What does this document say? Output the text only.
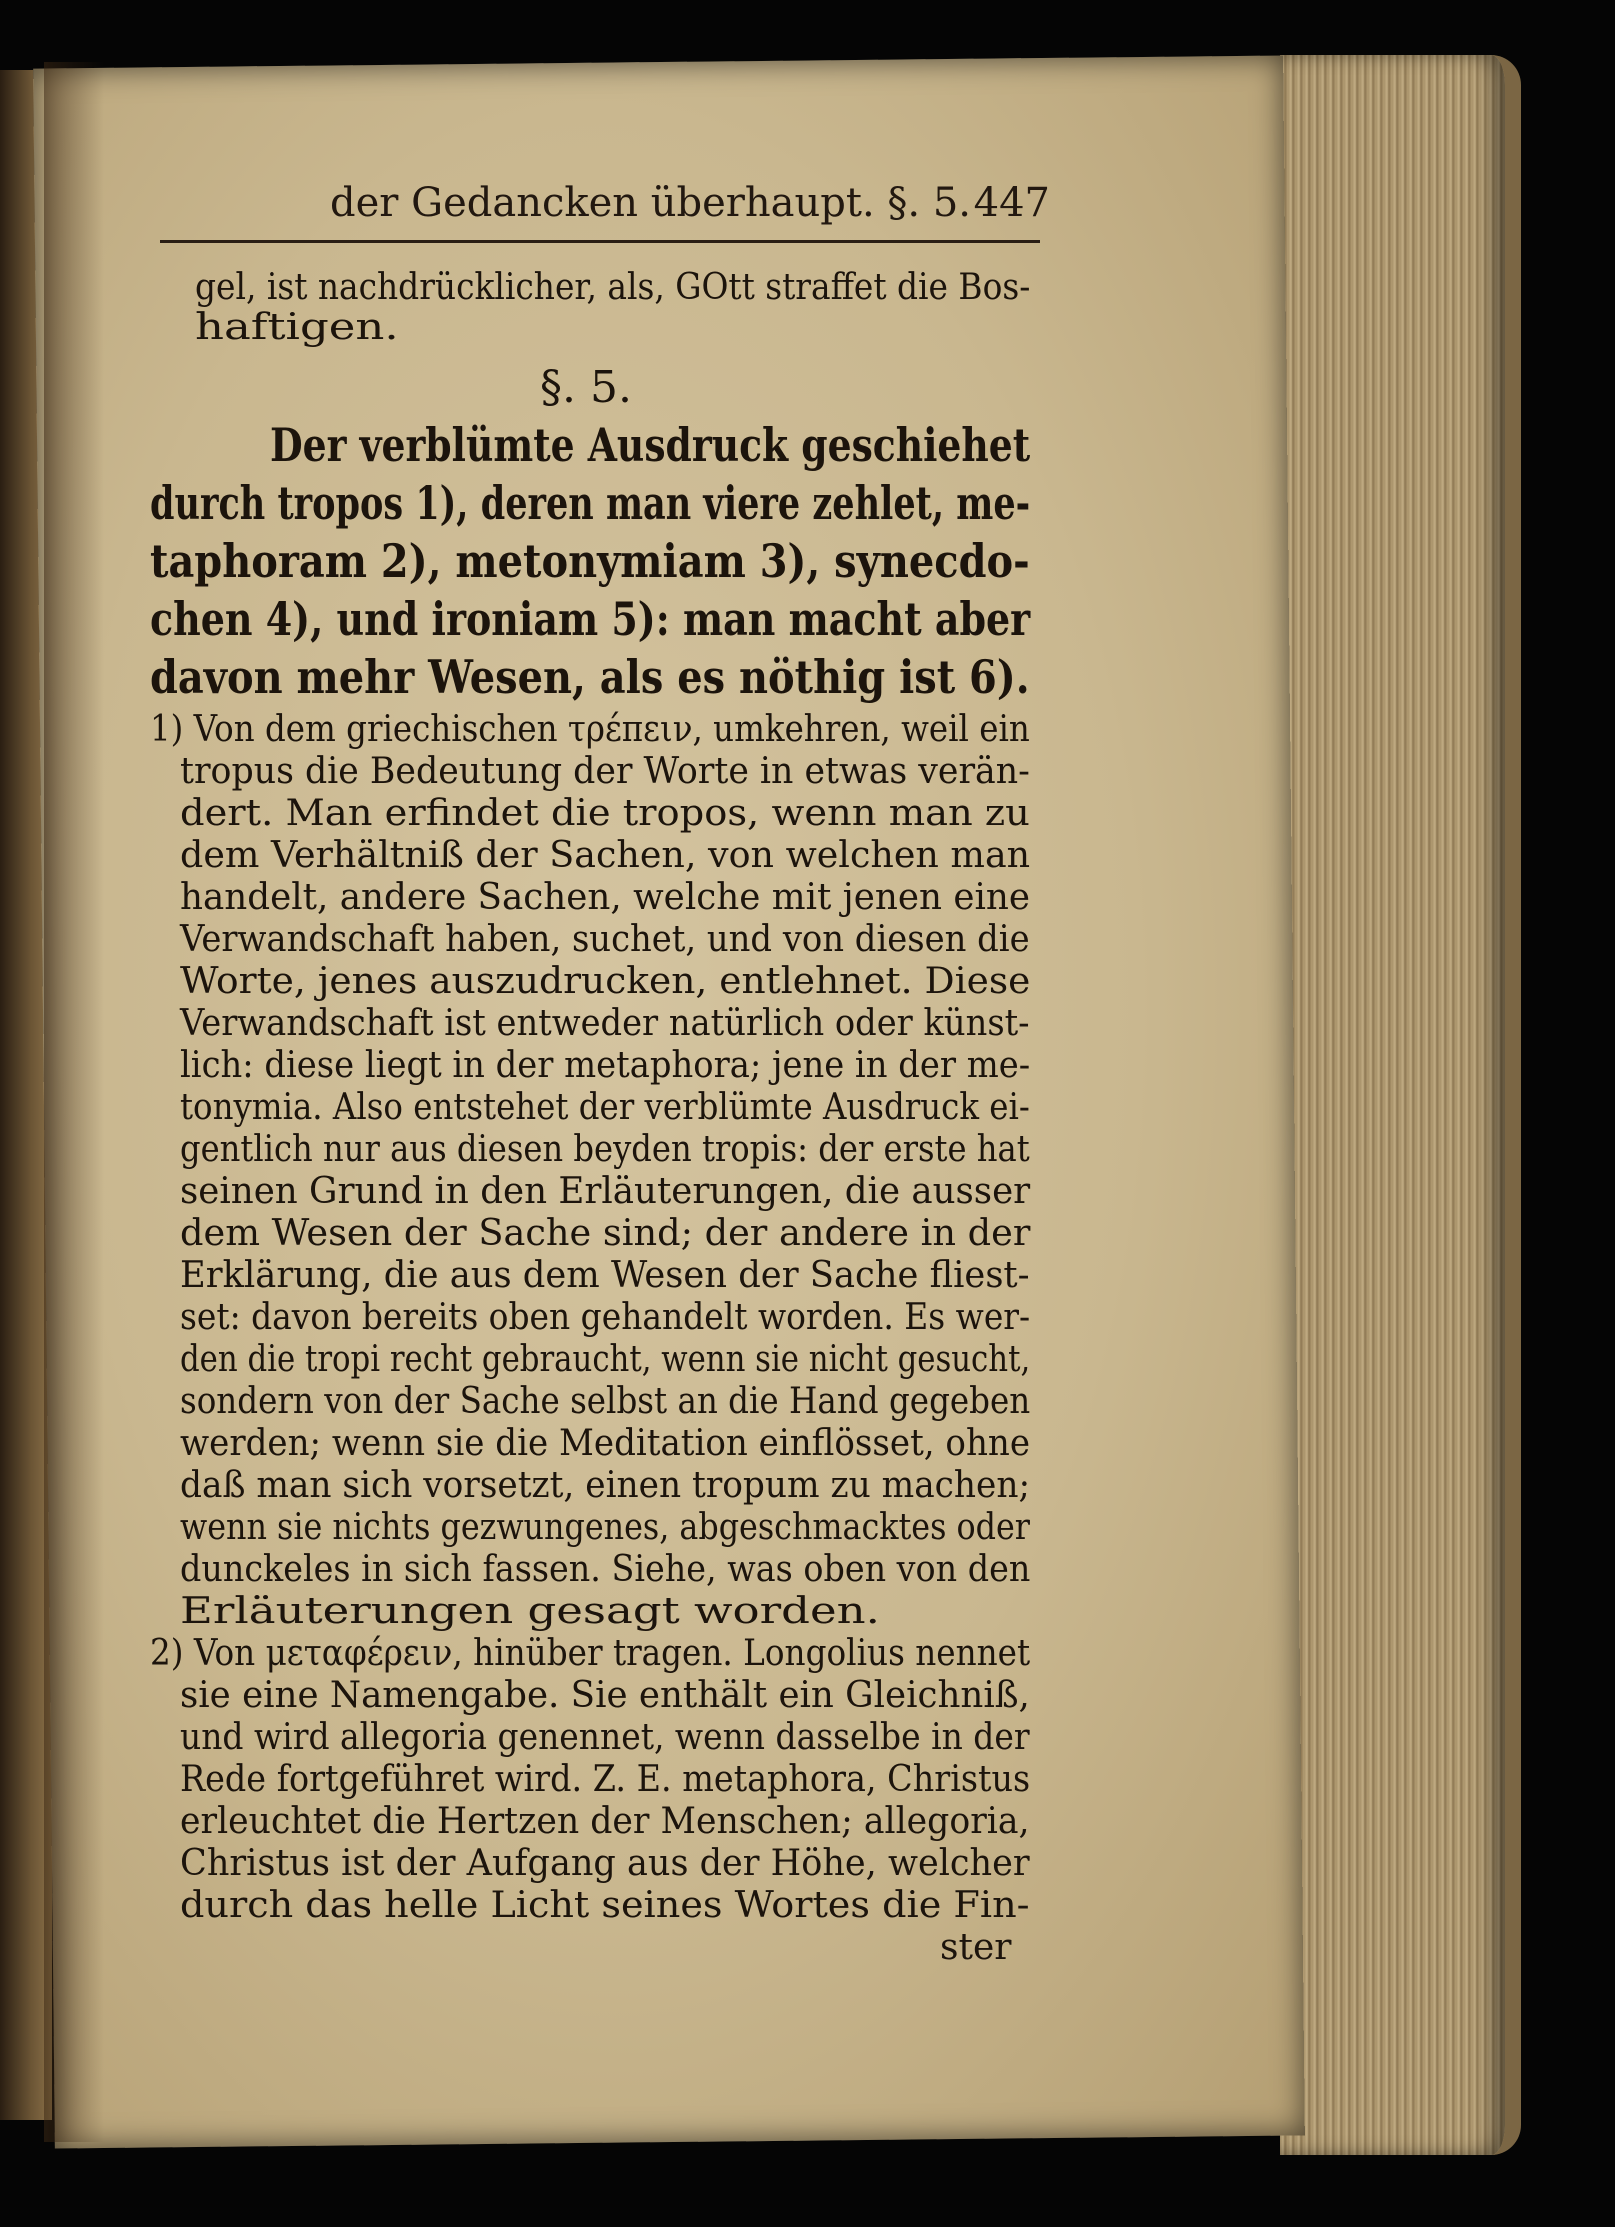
der Gedancken überhaupt. §. 5. 447
gel, ist nachdrücklicher, als, GOtt straffet die Bos-
haftigen.
§. 5.
Der verblümte Ausdruck geschiehet
durch tropos 1), deren man viere zehlet, me-
taphoram 2), metonymiam 3), synecdo-
chen 4), und ironiam 5): man macht aber
davon mehr Wesen, als es nöthig ist 6).
1) Von dem griechischen τρέπειν, umkehren, weil ein
tropus die Bedeutung der Worte in etwas verän-
dert. Man erfindet die tropos, wenn man zu
dem Verhältniß der Sachen, von welchen man
handelt, andere Sachen, welche mit jenen eine
Verwandschaft haben, suchet, und von diesen die
Worte, jenes auszudrucken, entlehnet. Diese
Verwandschaft ist entweder natürlich oder künst-
lich: diese liegt in der metaphora; jene in der me-
tonymia. Also entstehet der verblümte Ausdruck ei-
gentlich nur aus diesen beyden tropis: der erste hat
seinen Grund in den Erläuterungen, die ausser
dem Wesen der Sache sind; der andere in der
Erklärung, die aus dem Wesen der Sache fliest-
set: davon bereits oben gehandelt worden. Es wer-
den die tropi recht gebraucht, wenn sie nicht gesucht,
sondern von der Sache selbst an die Hand gegeben
werden; wenn sie die Meditation einflösset, ohne
daß man sich vorsetzt, einen tropum zu machen;
wenn sie nichts gezwungenes, abgeschmacktes oder
dunckeles in sich fassen. Siehe, was oben von den
Erläuterungen gesagt worden.
2) Von μεταφέρειν, hinüber tragen. Longolius nennet
sie eine Namengabe. Sie enthält ein Gleichniß,
und wird allegoria genennet, wenn dasselbe in der
Rede fortgeführet wird. Z. E. metaphora, Christus
erleuchtet die Hertzen der Menschen; allegoria,
Christus ist der Aufgang aus der Höhe, welcher
durch das helle Licht seines Wortes die Fin-
ster
